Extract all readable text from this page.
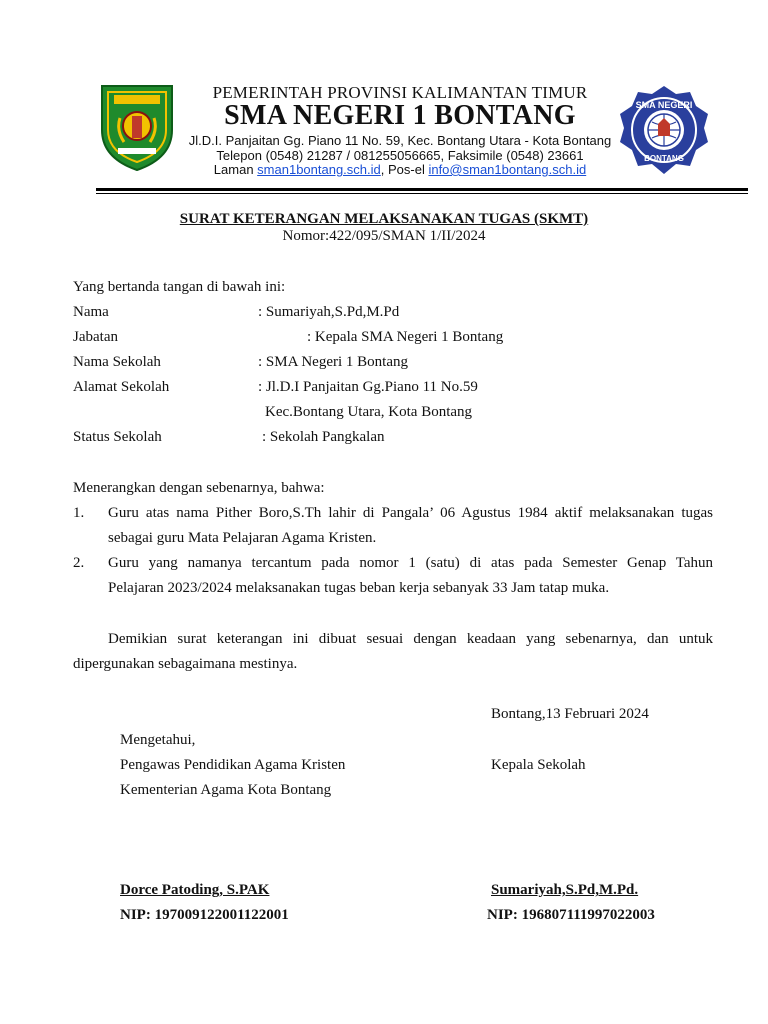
SMA NEGERI
BONTANG
PEMERINTAH PROVINSI KALIMANTAN TIMUR
SMA NEGERI 1 BONTANG
Jl.D.I. Panjaitan Gg. Piano 11 No. 59, Kec. Bontang Utara - Kota Bontang
Telepon (0548) 21287 / 081255056665, Faksimile (0548) 23661
Laman sman1bontang.sch.id, Pos-el info@sman1bontang.sch.id
SURAT KETERANGAN MELAKSANAKAN TUGAS (SKMT)
Nomor:422/095/SMAN 1/II/2024
Yang bertanda tangan di bawah ini:
Nama	: Sumariyah,S.Pd,M.Pd
Jabatan	: Kepala SMA Negeri 1 Bontang
Nama Sekolah	: SMA Negeri 1 Bontang
Alamat Sekolah	: Jl.D.I Panjaitan Gg.Piano 11 No.59
Kec.Bontang Utara, Kota Bontang
Status Sekolah	: Sekolah Pangkalan
Menerangkan dengan sebenarnya, bahwa:
1. Guru atas nama Pither Boro,S.Th lahir di Pangala’ 06 Agustus 1984 aktif melaksanakan tugas
sebagai guru Mata Pelajaran Agama Kristen.
2. Guru yang namanya tercantum pada nomor 1 (satu) di atas pada Semester Genap Tahun
Pelajaran 2023/2024 melaksanakan tugas beban kerja sebanyak 33 Jam tatap muka.
Demikian surat keterangan ini dibuat sesuai dengan keadaan yang sebenarnya, dan untuk
dipergunakan sebagaimana mestinya.
Bontang,13 Februari 2024
Mengetahui,
Pengawas Pendidikan Agama Kristen
Kementerian Agama Kota Bontang
Kepala Sekolah
Dorce Patoding, S.PAK
NIP: 197009122001122001
Sumariyah,S.Pd,M.Pd.
NIP: 196807111997022003
